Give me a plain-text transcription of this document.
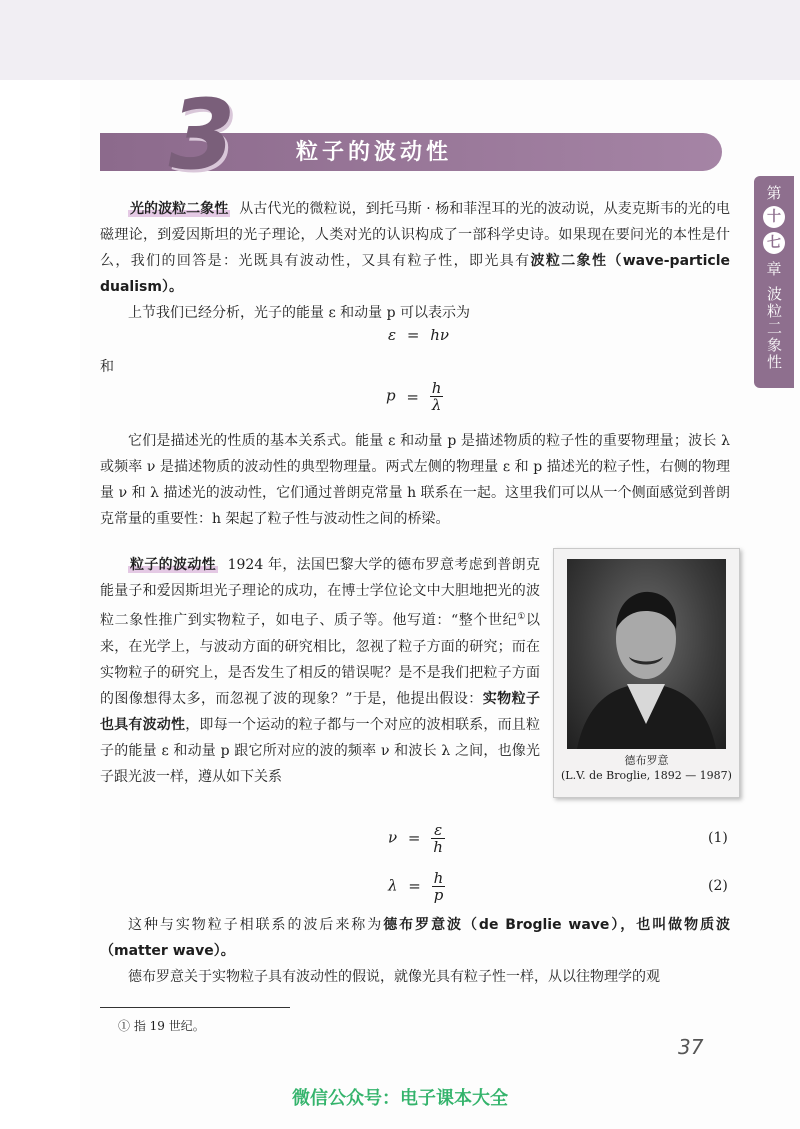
3	粒子的波动性
第
十
七
章
波粒二象性

光的波粒二象性 从古代光的微粒说，到托马斯 · 杨和菲涅耳的光的波动说，从麦克斯韦的光的电磁理论，到爱因斯坦的光子理论，人类对光的认识构成了一部科学史诗。如果现在要问光的本性是什么，我们的回答是：光既具有波动性，又具有粒子性，即光具有波粒二象性（wave-particle dualism）。

上节我们已经分析，光子的能量 ε 和动量 p 可以表示为

ε = hν
和
$p = \frac{h}{\lambda}$

它们是描述光的性质的基本关系式。能量 ε 和动量 p 是描述物质的粒子性的重要物理量；波长 λ 或频率 ν 是描述物质的波动性的典型物理量。两式左侧的物理量 ε 和 p 描述光的粒子性，右侧的物理量 ν 和 λ 描述光的波动性，它们通过普朗克常量 h 联系在一起。这里我们可以从一个侧面感觉到普朗克常量的重要性：h 架起了粒子性与波动性之间的桥梁。

粒子的波动性 1924 年，法国巴黎大学的德布罗意考虑到普朗克能量子和爱因斯坦光子理论的成功，在博士学位论文中大胆地把光的波粒二象性推广到实物粒子，如电子、质子等。他写道：“整个世纪①以来，在光学上，与波动方面的研究相比，忽视了粒子方面的研究；而在实物粒子的研究上，是否发生了相反的错误呢？是不是我们把粒子方面的图像想得太多，而忽视了波的现象？”于是，他提出假设：实物粒子也具有波动性，即每一个运动的粒子都与一个对应的波相联系，而且粒子的能量 ε 和动量 p 跟它所对应的波的频率 ν 和波长 λ 之间，也像光子跟光波一样，遵从如下关系

德布罗意
(L.V. de Broglie, 1892 — 1987)
$\nu = \frac{\varepsilon}{h}$	(1)
$\lambda = \frac{h}{p}$	(2)

这种与实物粒子相联系的波后来称为德布罗意波（de Broglie wave），也叫做物质波（matter wave）。

德布罗意关于实物粒子具有波动性的假说，就像光具有粒子性一样，从以往物理学的观

① 指 19 世纪。
37
微信公众号：电子课本大全
